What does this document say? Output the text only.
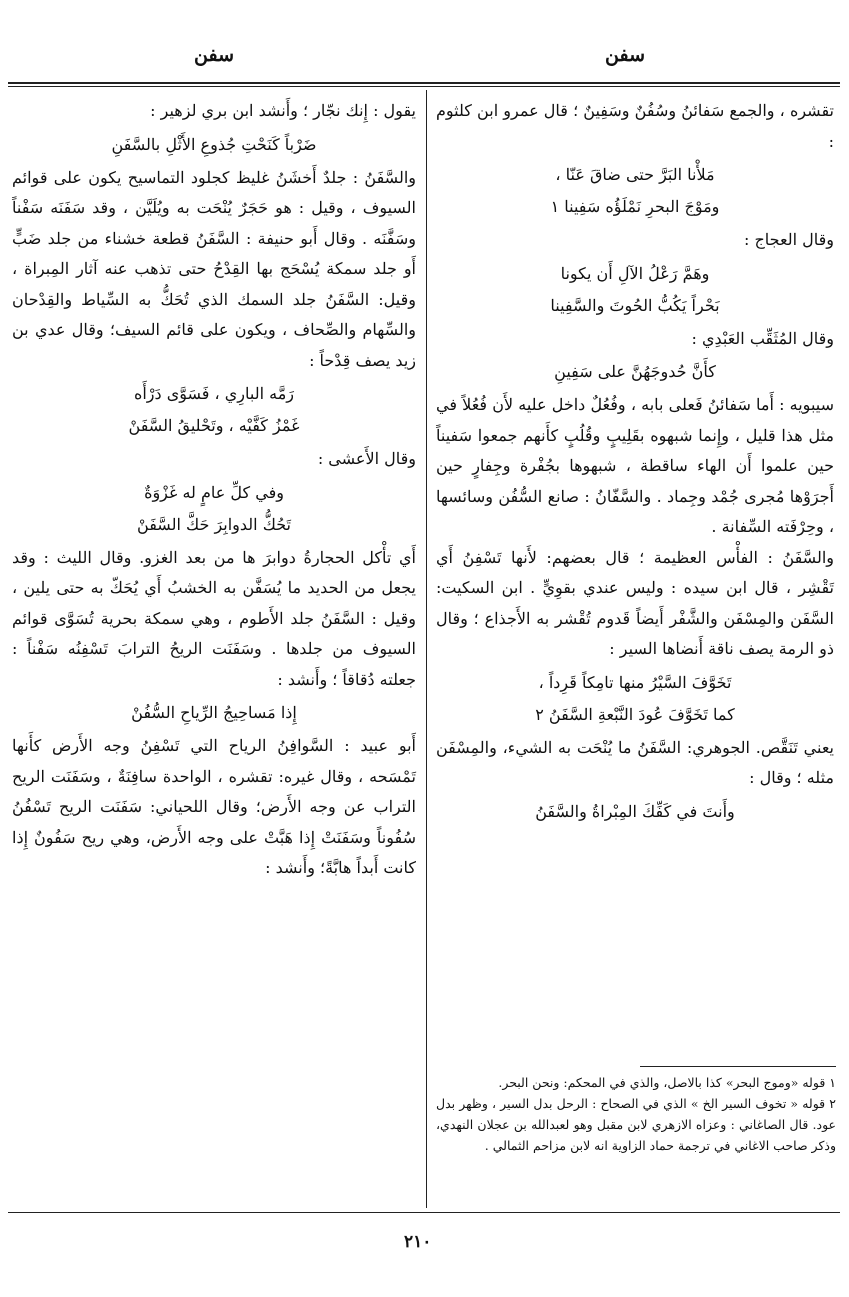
سفن
سفن

تقشره ، والجمع سَفائنُ وسُفُنٌ وسَفِينٌ ؛ قال عمرو ابن كلثوم :

مَلأْنا البَرَّ حتى ضاقَ عَنّا ،
ومَوْجَ البحرِ نَمْلَؤُه سَفِينا ١

وقال العجاج :

وهَمَّ رَعْلُ الآلِ أَن يكونا
بَحْراً يَكُبُّ الحُوتَ والسَّفِينا

وقال المُثَقِّب العَبْدِي :

كأَنَّ حُدوجَهُنَّ على سَفِينِ

سيبويه : أَما سَفائنُ فَعلى بابه ، وفُعُلٌ داخل عليه لأَن فُعُلاً في مثل هذا قليل ، وإِنما شبهوه بقَلِيبٍ وقُلُبٍ كأَنهم جمعوا سَفيناً حين علموا أَن الهاء ساقطة ، شبهوها بجُفْرة وجِفارٍ حين أَجرَوْها مُجرى جُمْد وجِماد . والسَّفّانُ : صانع السُّفُن وسائسها ، وحِرْفَته السِّفانة .

والسَّفَنُ : الفأْس العظيمة ؛ قال بعضهم: لأَنها تَسْفِنُ أَي تَقْشِر ، قال ابن سيده : وليس عندي بقوِيٍّ . ابن السكيت: السَّفَن والمِسْفَن والشَّفْر أَيضاً قَدوم تُقْشر به الأَجذاع ؛ وقال ذو الرمة يصف ناقة أَنضاها السير :

تَخَوَّفَ السَّيْرُ منها تامِكاً قَرِداً ،
كما تَخَوَّفَ عُودَ النَّبْعةِ السَّفَنُ ٢

يعني تَنَقَّص. الجوهري: السَّفَنُ ما يُنْحَت به الشيء، والمِسْفَن مثله ؛ وقال :

وأَنتَ في كَفِّكَ المِبْراةُ والسَّفَنُ

١ قوله «وموج البحر» كذا بالاصل، والذي في المحكم: ونحن البحر.

٢ قوله « تخوف السير الخ » الذي في الصحاح : الرحل بدل السير ، وظهر بدل عود. قال الصاغاني : وعزاه الازهري لابن مقبل وهو لعبدالله بن عجلان النهدي، وذكر صاحب الاغاني في ترجمة حماد الزاوية انه لابن مزاحم الثمالي .

يقول : إِنك نجّار ؛ وأَنشد ابن بري لزهير :

ضَرْباً كَنَحْتِ جُذوعِ الأَثْلِ بالسَّفَنِ

والسَّفَنُ : جلدٌ أَخشَنُ غليظ كجلود التماسيح يكون على قوائم السيوف ، وقيل : هو حَجَرٌ يُنْحَت به ويُلَيَّن ، وقد سَفَنَه سَفْناً وسَفَّنَه . وقال أَبو حنيفة : السَّفَنُ قطعة خشناء من جلد ضَبٍّ أَو جلد سمكة يُسْحَج بها القِدْحُ حتى تذهب عنه آثار المِبراة ، وقيل: السَّفَنُ جلد السمك الذي تُحَكُّ به السِّياط والقِدْحان والسِّهام والصِّحاف ، ويكون على قائم السيف؛ وقال عدي بن زيد يصف قِدْحاً :

رَمَّه البارِي ، فَسَوَّى دَرْأَه
غَمْزُ كَفَّيْه ، وتَحْليقُ السَّفَنْ

وقال الأَعشى :

وفي كلِّ عامٍ له غَزْوَةٌ
تَحُكُّ الدوابِرَ حَكَّ السَّفَنْ

أَي تأْكل الحجارةُ دوابرَ ها من بعد الغزو. وقال الليث : وقد يجعل من الحديد ما يُسَفَّن به الخشبُ أَي يُحَكّ به حتى يلين ، وقيل : السَّفَنُ جلد الأَطوم ، وهي سمكة بحرية تُسَوَّى قوائم السيوف من جلدها . وسَفَنَت الريحُ الترابَ تَسْفِنُه سَفْناً : جعلته دُقاقاً ؛ وأَنشد :

إِذا مَساحِيجُ الرِّياحِ السُّفُنْ

أَبو عبيد : السَّوافِنُ الرياح التي تَسْفِنُ وجه الأَرض كأَنها تَمْسَحه ، وقال غيره: تقشره ، الواحدة سافِنَةٌ ، وسَفَنَت الريح التراب عن وجه الأَرض؛ وقال اللحياني: سَفَنَت الريح تَسْفُنُ سُفُوناً وسَفَنَتْ إِذا هَبَّتْ على وجه الأَرض، وهي ريح سَفُونٌ إِذا كانت أَبداً هابَّةً؛ وأَنشد :

٢١٠
